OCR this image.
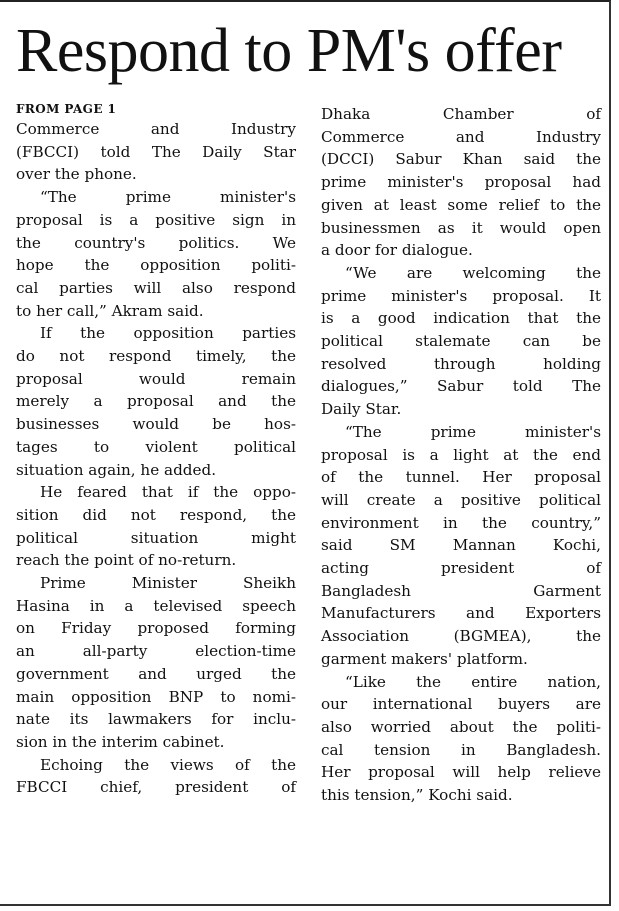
Respond to PM's offer
FROM PAGE 1
Commerce and Industry
(FBCCI) told The Daily Star
over the phone.
“The prime minister's
proposal is a positive sign in
the country's politics. We
hope the opposition politi-
cal parties will also respond
to her call,” Akram said.
If the opposition parties
do not respond timely, the
proposal would remain
merely a proposal and the
businesses would be hos-
tages to violent political
situation again, he added.
He feared that if the oppo-
sition did not respond, the
political situation might
reach the point of no-return.
Prime Minister Sheikh
Hasina in a televised speech
on Friday proposed forming
an all-party election-time
government and urged the
main opposition BNP to nomi-
nate its lawmakers for inclu-
sion in the interim cabinet.
Echoing the views of the
FBCCI chief, president of
Dhaka Chamber of
Commerce and Industry
(DCCI) Sabur Khan said the
prime minister's proposal had
given at least some relief to the
businessmen as it would open
a door for dialogue.
“We are welcoming the
prime minister's proposal. It
is a good indication that the
political stalemate can be
resolved through holding
dialogues,” Sabur told The
Daily Star.
“The prime minister's
proposal is a light at the end
of the tunnel. Her proposal
will create a positive political
environment in the country,”
said SM Mannan Kochi,
acting president of
Bangladesh Garment
Manufacturers and Exporters
Association (BGMEA), the
garment makers' platform.
“Like the entire nation,
our international buyers are
also worried about the politi-
cal tension in Bangladesh.
Her proposal will help relieve
this tension,” Kochi said.
